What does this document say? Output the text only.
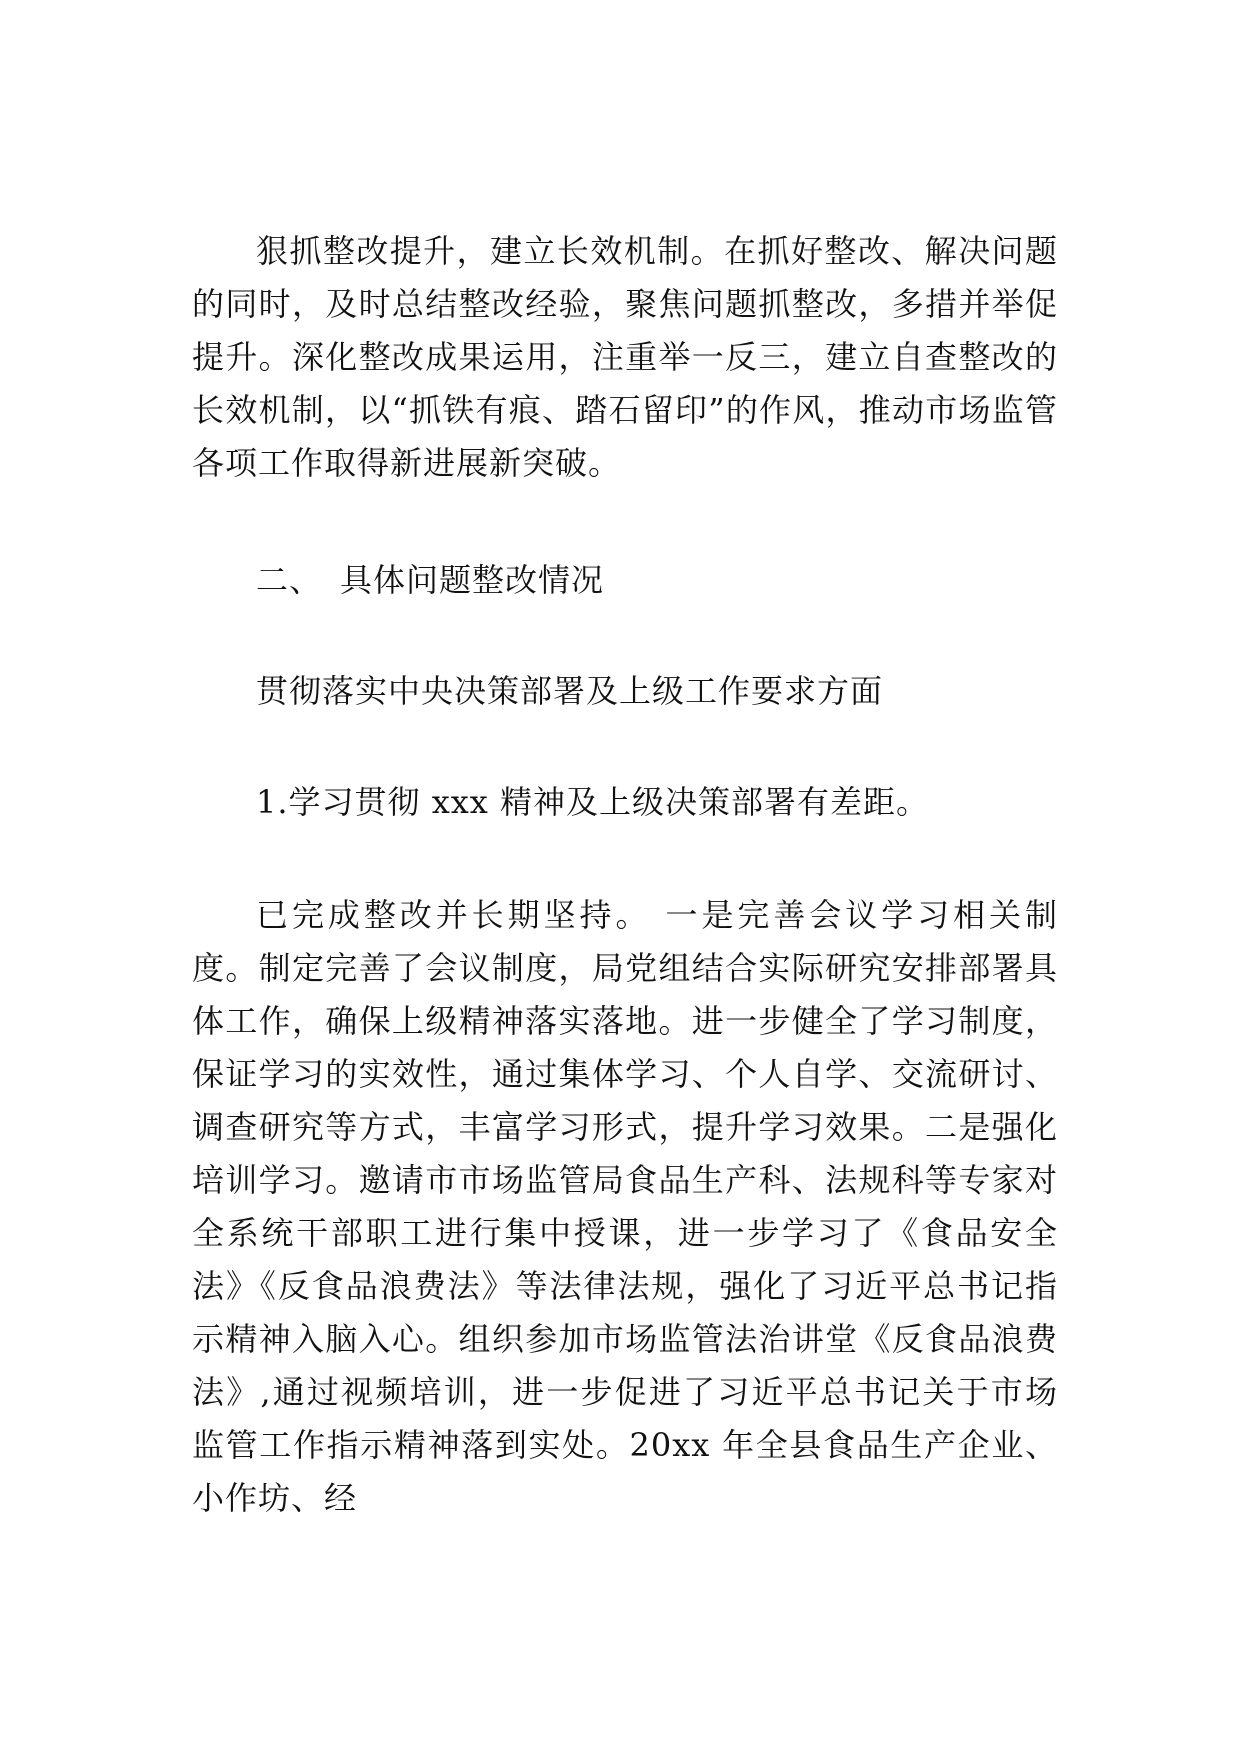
狠抓整改提升，建立长效机制。在抓好整改、解决问题的同时，及时总结整改经验，聚焦问题抓整改，多措并举促提升。深化整改成果运用，注重举一反三，建立自查整改的长效机制，以“抓铁有痕、踏石留印”的作风，推动市场监管各项工作取得新进展新突破。

二、 具体问题整改情况

贯彻落实中央决策部署及上级工作要求方面

1.学习贯彻 xxx 精神及上级决策部署有差距。

已完成整改并长期坚持。 一是完善会议学习相关制度。制定完善了会议制度，局党组结合实际研究安排部署具体工作，确保上级精神落实落地。进一步健全了学习制度，保证学习的实效性，通过集体学习、个人自学、交流研讨、调查研究等方式，丰富学习形式，提升学习效果。二是强化培训学习。邀请市市场监管局食品生产科、法规科等专家对全系统干部职工进行集中授课，进一步学习了《食品安全法》《反食品浪费法》等法律法规，强化了习近平总书记指示精神入脑入心。组织参加市场监管法治讲堂《反食品浪费法》,通过视频培训，进一步促进了习近平总书记关于市场监管工作指示精神落到实处。20xx 年全县食品生产企业、小作坊、经
